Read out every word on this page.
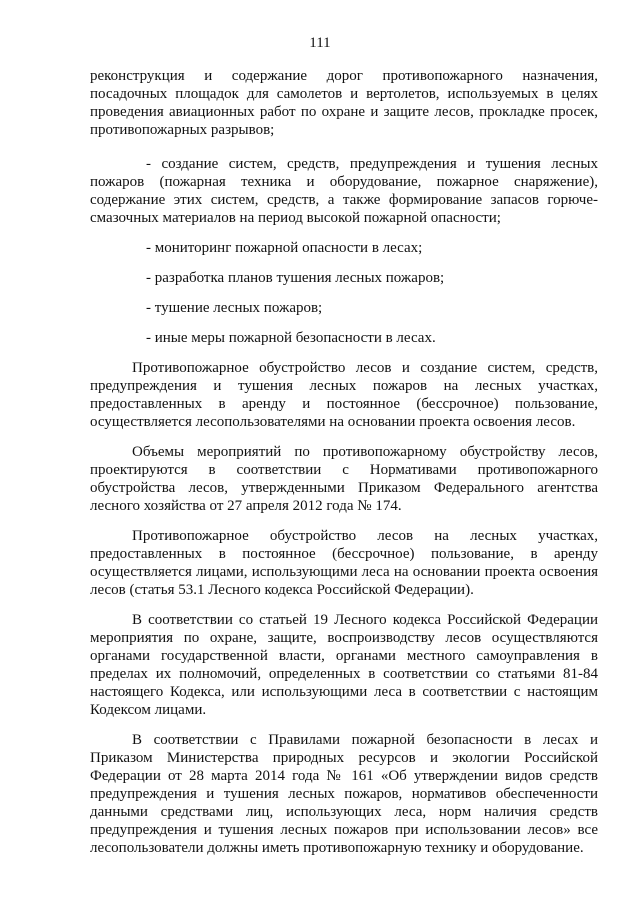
111

реконструкция и содержание дорог противопожарного назначения, посадочных площадок для самолетов и вертолетов, используемых в целях проведения авиационных работ по охране и защите лесов, прокладке просек, противопожарных разрывов;

- создание систем, средств, предупреждения и тушения лесных пожаров (пожарная техника и оборудование, пожарное снаряжение), содержание этих систем, средств, а также формирование запасов горюче-смазочных материалов на период высокой пожарной опасности;

- мониторинг пожарной опасности в лесах;

- разработка планов тушения лесных пожаров;

- тушение лесных пожаров;

- иные меры пожарной безопасности в лесах.

Противопожарное обустройство лесов и создание систем, средств, предупреждения и тушения лесных пожаров на лесных участках, предоставленных в аренду и постоянное (бессрочное) пользование, осуществляется лесопользователями на основании проекта освоения лесов.

Объемы мероприятий по противопожарному обустройству лесов, проектируются в соответствии с Нормативами противопожарного обустройства лесов, утвержденными Приказом Федерального агентства лесного хозяйства от 27 апреля 2012 года № 174.

Противопожарное обустройство лесов на лесных участках, предоставленных в постоянное (бессрочное) пользование, в аренду осуществляется лицами, использующими леса на основании проекта освоения лесов (статья 53.1 Лесного кодекса Российской Федерации).

В соответствии со статьей 19 Лесного кодекса Российской Федерации мероприятия по охране, защите, воспроизводству лесов осуществляются органами государственной власти, органами местного самоуправления в пределах их полномочий, определенных в соответствии со статьями 81-84 настоящего Кодекса, или использующими леса в соответствии с настоящим Кодексом лицами.

В соответствии с Правилами пожарной безопасности в лесах и Приказом Министерства природных ресурсов и экологии Российской Федерации от 28 марта 2014 года № 161 «Об утверждении видов средств предупреждения и тушения лесных пожаров, нормативов обеспеченности данными средствами лиц, использующих леса, норм наличия средств предупреждения и тушения лесных пожаров при использовании лесов» все лесопользователи должны иметь противопожарную технику и оборудование.
